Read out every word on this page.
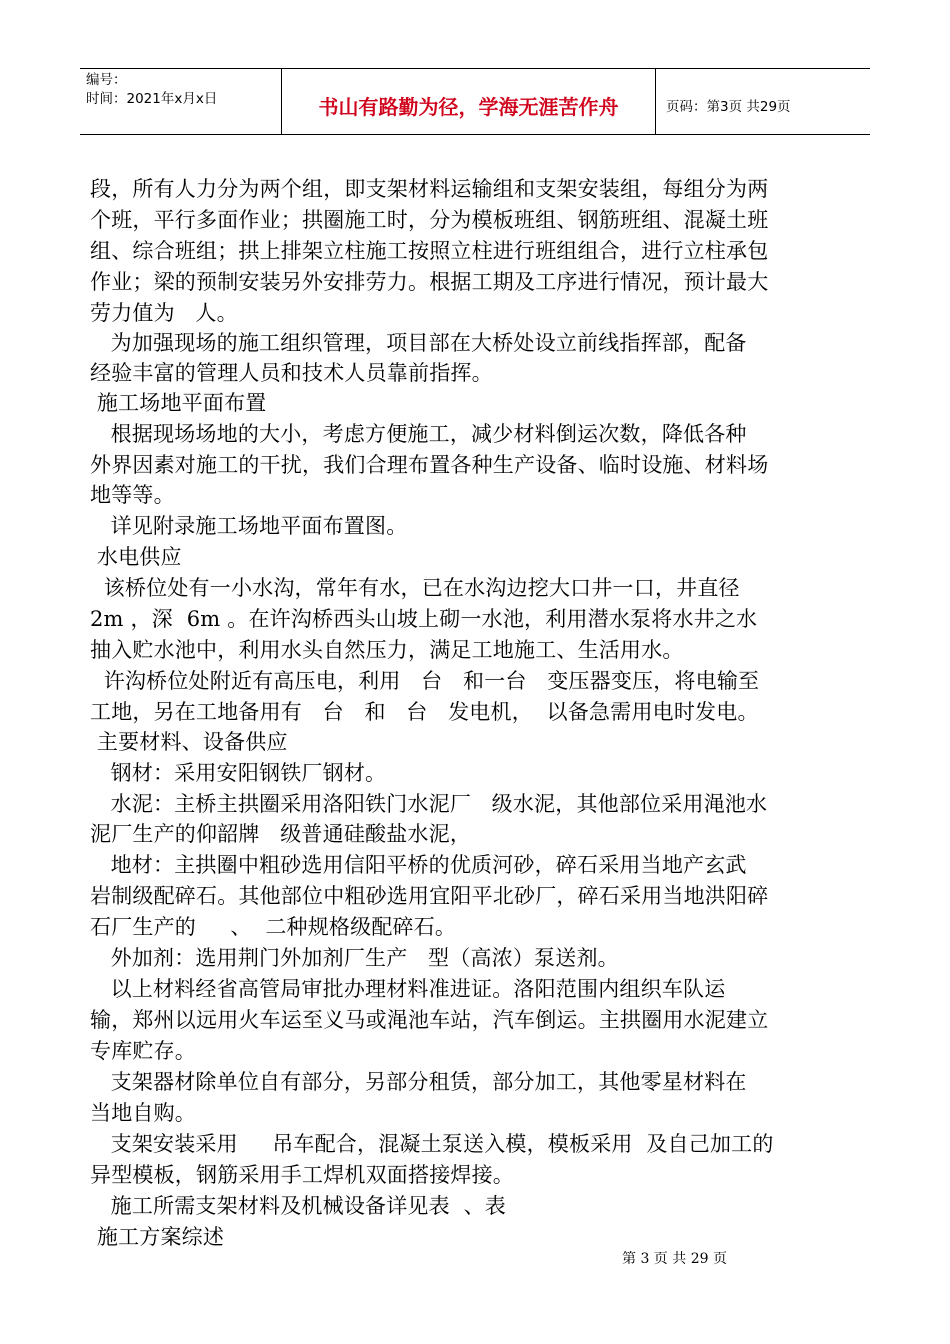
编号：
时间：2021年x月x日	书山有路勤为径，学海无涯苦作舟	页码：第3页 共29页
段，所有人力分为两个组，即支架材料运输组和支架安装组，每组分为两
个班，平行多面作业；拱圈施工时，分为模板班组、钢筋班组、混凝土班
组、综合班组；拱上排架立柱施工按照立柱进行班组组合，进行立柱承包
作业；梁的预制安装另外安排劳力。根据工期及工序进行情况，预计最大
劳力值为   人。
为加强现场的施工组织管理，项目部在大桥处设立前线指挥部，配备
经验丰富的管理人员和技术人员靠前指挥。
施工场地平面布置
根据现场场地的大小，考虑方便施工，减少材料倒运次数，降低各种
外界因素对施工的干扰，我们合理布置各种生产设备、临时设施、材料场
地等等。
详见附录施工场地平面布置图。
水电供应
该桥位处有一小水沟，常年有水，已在水沟边挖大口井一口，井直径
2m ，深  6m 。在许沟桥西头山坡上砌一水池，利用潜水泵将水井之水
抽入贮水池中，利用水头自然压力，满足工地施工、生活用水。
许沟桥位处附近有高压电，利用   台   和一台   变压器变压，将电输至
工地，另在工地备用有   台   和   台   发电机，  以备急需用电时发电。
主要材料、设备供应
钢材：采用安阳钢铁厂钢材。
水泥：主桥主拱圈采用洛阳铁门水泥厂   级水泥，其他部位采用渑池水
泥厂生产的仰韶牌   级普通硅酸盐水泥，
地材：主拱圈中粗砂选用信阳平桥的优质河砂，碎石采用当地产玄武
岩制级配碎石。其他部位中粗砂选用宜阳平北砂厂，碎石采用当地洪阳碎
石厂生产的     、  二种规格级配碎石。
外加剂：选用荆门外加剂厂生产   型（高浓）泵送剂。
以上材料经省高管局审批办理材料准进证。洛阳范围内组织车队运
输，郑州以远用火车运至义马或渑池车站，汽车倒运。主拱圈用水泥建立
专库贮存。
支架器材除单位自有部分，另部分租赁，部分加工，其他零星材料在
当地自购。
支架安装采用     吊车配合，混凝土泵送入模，模板采用  及自己加工的
异型模板，钢筋采用手工焊机双面搭接焊接。
施工所需支架材料及机械设备详见表  、表
施工方案综述
第 3 页 共 29 页
